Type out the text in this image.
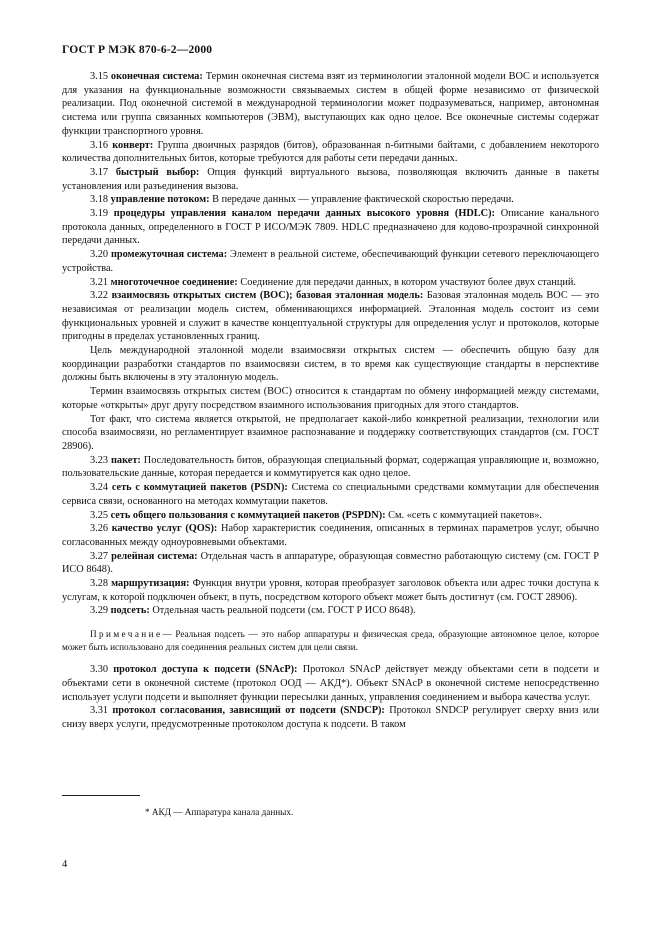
ГОСТ Р МЭК 870-6-2—2000

3.15 оконечная система: Термин оконечная система взят из терминологии эталонной модели ВОС и используется для указания на функциональные возможности связываемых систем в общей форме независимо от физической реализации. Под оконечной системой в международной терминологии может подразумеваться, например, автономная система или группа связанных компьютеров (ЭВМ), выступающих как одно целое. Все оконечные системы содержат функции транспортного уровня.

3.16 конверт: Группа двоичных разрядов (битов), образованная n-битными байтами, с добавлением некоторого количества дополнительных битов, которые требуются для работы сети передачи данных.

3.17 быстрый выбор: Опция функций виртуального вызова, позволяющая включить данные в пакеты установления или разъединения вызова.

3.18 управление потоком: В передаче данных — управление фактической скоростью передачи.

3.19 процедуры управления каналом передачи данных высокого уровня (HDLC): Описание канального протокола данных, определенного в ГОСТ Р ИСО/МЭК 7809. HDLC предназначено для кодово-прозрачной синхронной передачи данных.

3.20 промежуточная система: Элемент в реальной системе, обеспечивающий функции сетевого переключающего устройства.

3.21 многоточечное соединение: Соединение для передачи данных, в котором участвуют более двух станций.

3.22 взаимосвязь открытых систем (ВОС); базовая эталонная модель: Базовая эталонная модель ВОС — это независимая от реализации модель систем, обменивающихся информацией. Эталонная модель состоит из семи функциональных уровней и служит в качестве концептуальной структуры для определения услуг и протоколов, которые пригодны в пределах установленных границ.

Цель международной эталонной модели взаимосвязи открытых систем — обеспечить общую базу для координации разработки стандартов по взаимосвязи систем, в то время как существующие стандарты в перспективе должны быть включены в эту эталонную модель.

Термин взаимосвязь открытых систем (ВОС) относится к стандартам по обмену информацией между системами, которые «открыты» друг другу посредством взаимного использования пригодных для этого стандартов.

Тот факт, что система является открытой, не предполагает какой-либо конкретной реализации, технологии или способа взаимосвязи, но регламентирует взаимное распознавание и поддержку соответствующих стандартов (см. ГОСТ 28906).

3.23 пакет: Последовательность битов, образующая специальный формат, содержащая управляющие и, возможно, пользовательские данные, которая передается и коммутируется как одно целое.

3.24 сеть с коммутацией пакетов (PSDN): Система со специальными средствами коммутации для обеспечения сервиса связи, основанного на методах коммутации пакетов.

3.25 сеть общего пользования с коммутацией пакетов (PSPDN): См. «сеть с коммутацией пакетов».

3.26 качество услуг (QOS): Набор характеристик соединения, описанных в терминах параметров услуг, обычно согласованных между одноуровневыми объектами.

3.27 релейная система: Отдельная часть в аппаратуре, образующая совместно работающую систему (см. ГОСТ Р ИСО 8648).

3.28 маршрутизация: Функция внутри уровня, которая преобразует заголовок объекта или адрес точки доступа к услугам, к которой подключен объект, в путь, посредством которого объект может быть достигнут (см. ГОСТ 28906).

3.29 подсеть: Отдельная часть реальной подсети (см. ГОСТ Р ИСО 8648).

Примечание— Реальная подсеть — это набор аппаратуры и физическая среда, образующие автономное целое, которое может быть использовано для соединения реальных систем для цели связи.

3.30 протокол доступа к подсети (SNAcP): Протокол SNAcP действует между объектами сети в подсети и объектами сети в оконечной системе (протокол ООД — АКД*). Объект SNAcP в оконечной системе непосредственно использует услуги подсети и выполняет функции пересылки данных, управления соединением и выбора качества услуг.

3.31 протокол согласования, зависящий от подсети (SNDCP): Протокол SNDCP регулирует сверху вниз или снизу вверх услуги, предусмотренные протоколом доступа к подсети. В таком

* АКД — Аппаратура канала данных.
4
